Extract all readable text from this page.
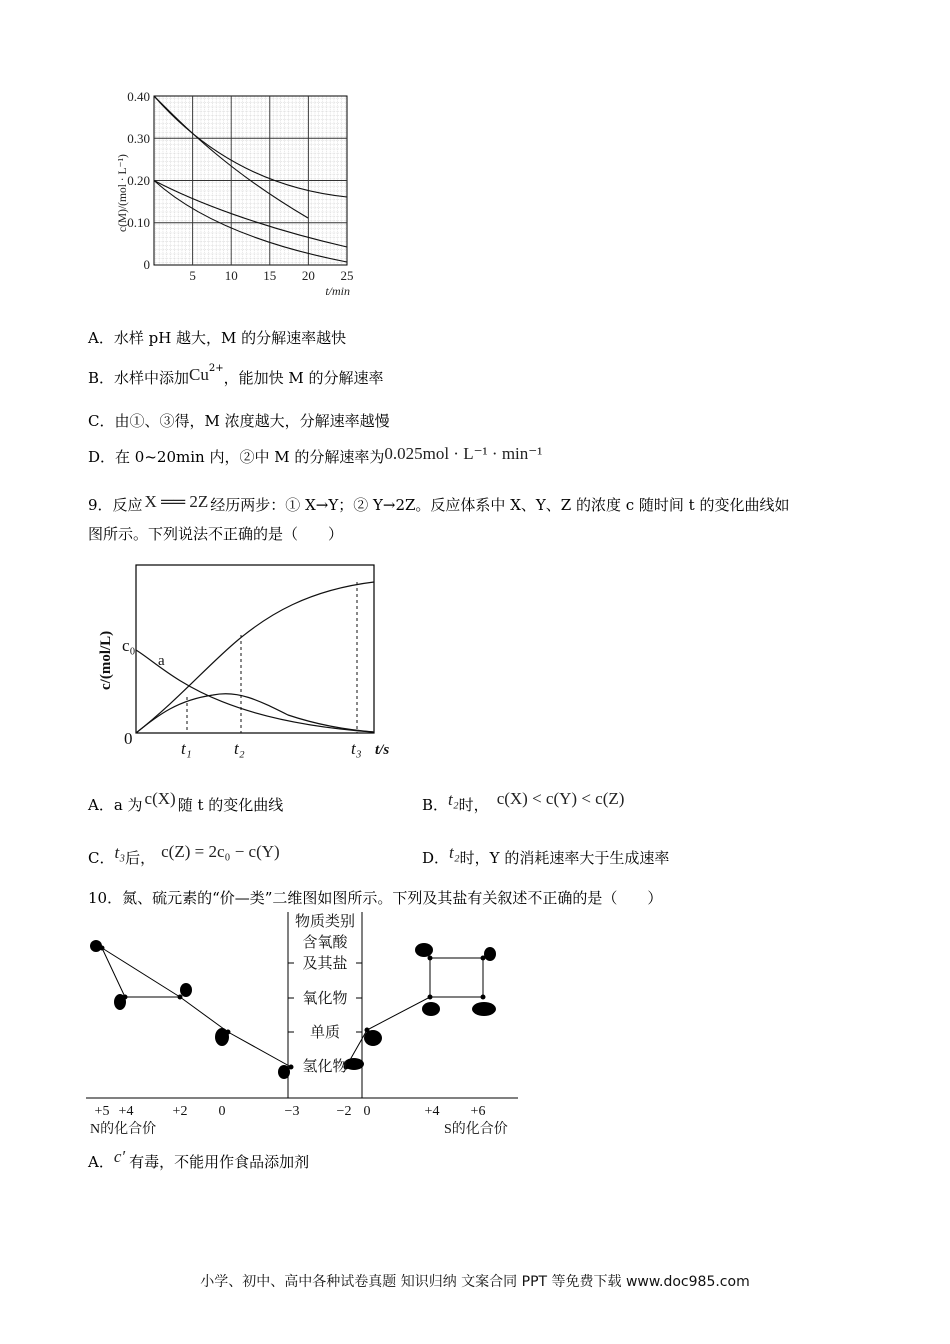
0.40
0.30
0.20
0.10
0
5 10 15 20 25
t/min
c(M)/(mol · L⁻¹)
A．水样 pH 越大，M 的分解速率越快
B．水样中添加$Cu^{2+}$，能加快 M 的分解速率
C．由①、③得，M 浓度越大，分解速率越慢
D．在 0~20min 内，②中 M 的分解速率为0.025mol · L⁻¹ · min⁻¹
9．反应 X ══ 2Z 经历两步：① X→Y；② Y→2Z。反应体系中 X、Y、Z 的浓度 c 随时间 t 的变化曲线如
图所示。下列说法不正确的是（　　）
c₀
a
0
t₁ t₂	t₃ t/s
c/(mol/L)
A．a 为 c(X) 随 t 的变化曲线	B．t₂时， c(X) < c(Y) < c(Z)
C．t₃后， c(Z) = 2c₀ − c(Y)	D．t₂时，Y 的消耗速率大于生成速率
10．氮、硫元素的“价—类”二维图如图所示。下列及其盐有关叙述不正确的是（　　）
物质类别
含氧酸
及其盐
氧化物
单质
氢化物
+5 +4	+2 0	−3	−2 0	+4 +6
N的化合价	S的化合价
A．c′ 有毒，不能用作食品添加剂
小学、初中、高中各种试卷真题 知识归纳 文案合同 PPT 等免费下载 www.doc985.com
